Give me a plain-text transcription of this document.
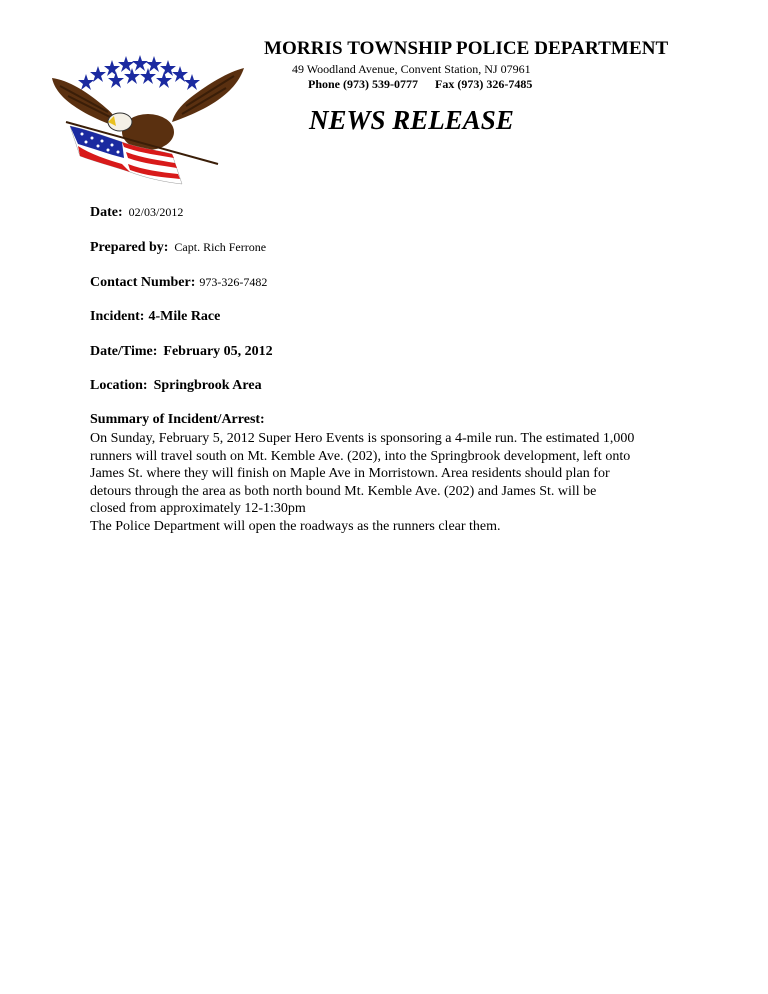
MORRIS TOWNSHIP POLICE DEPARTMENT
49 Woodland Avenue, Convent Station, NJ 07961
Phone (973) 539-0777 Fax (973) 326-7485
NEWS RELEASE
Date: 02/03/2012
Prepared by: Capt. Rich Ferrone
Contact Number: 973-326-7482
Incident: 4-Mile Race
Date/Time: February 05, 2012
Location: Springbrook Area
Summary of Incident/Arrest:

On Sunday, February 5, 2012 Super Hero Events is sponsoring a 4-mile run. The estimated 1,000

runners will travel south on Mt. Kemble Ave. (202), into the Springbrook development, left onto

James St. where they will finish on Maple Ave in Morristown. Area residents should plan for

detours through the area as both north bound Mt. Kemble Ave. (202) and James St. will be

closed from approximately 12-1:30pm

The Police Department will open the roadways as the runners clear them.
